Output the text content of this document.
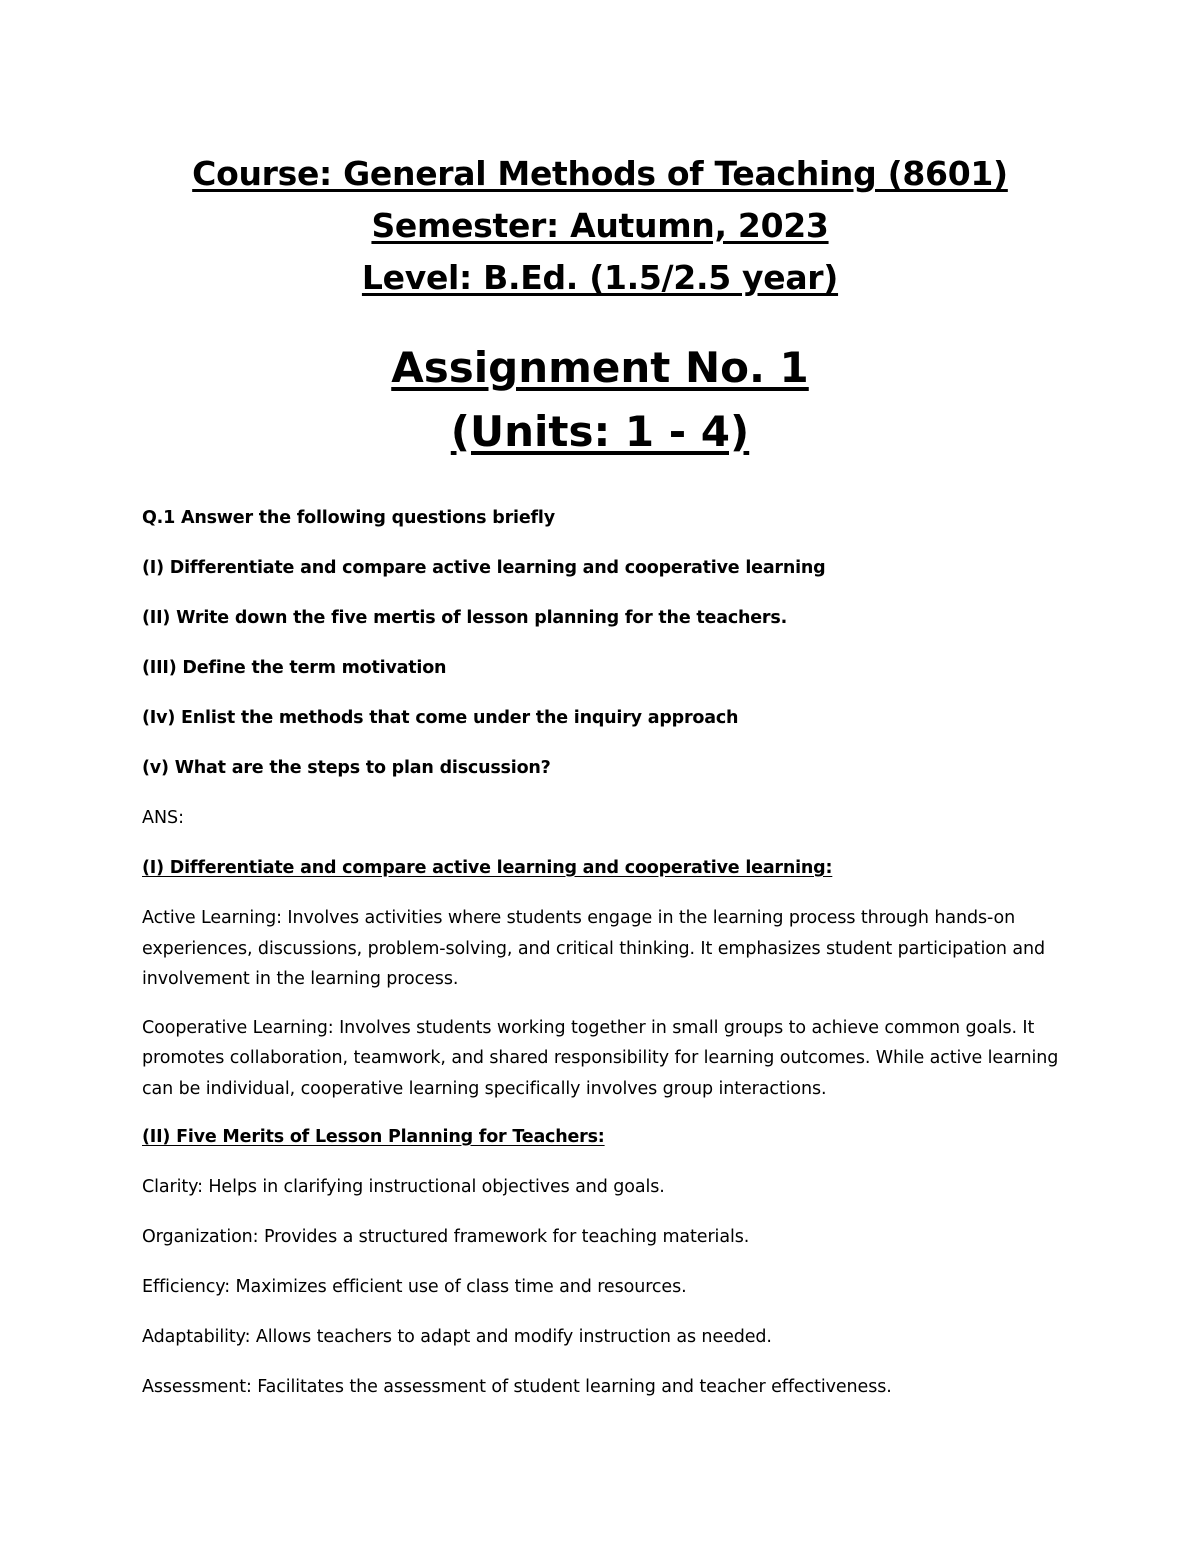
Course: General Methods of Teaching (8601)
Semester: Autumn, 2023
Level: B.Ed. (1.5/2.5 year)
Assignment No. 1
(Units: 1 - 4)
Q.1 Answer the following questions briefly
(I) Differentiate and compare active learning and cooperative learning
(II) Write down the five mertis of lesson planning for the teachers.
(III) Define the term motivation
(Iv) Enlist the methods that come under the inquiry approach
(v) What are the steps to plan discussion?
ANS:
(I) Differentiate and compare active learning and cooperative learning:
Active Learning: Involves activities where students engage in the learning process through hands-on experiences, discussions, problem-solving, and critical thinking. It emphasizes student participation and involvement in the learning process.
Cooperative Learning: Involves students working together in small groups to achieve common goals. It promotes collaboration, teamwork, and shared responsibility for learning outcomes. While active learning can be individual, cooperative learning specifically involves group interactions.
(II) Five Merits of Lesson Planning for Teachers:
Clarity: Helps in clarifying instructional objectives and goals.
Organization: Provides a structured framework for teaching materials.
Efficiency: Maximizes efficient use of class time and resources.
Adaptability: Allows teachers to adapt and modify instruction as needed.
Assessment: Facilitates the assessment of student learning and teacher effectiveness.
